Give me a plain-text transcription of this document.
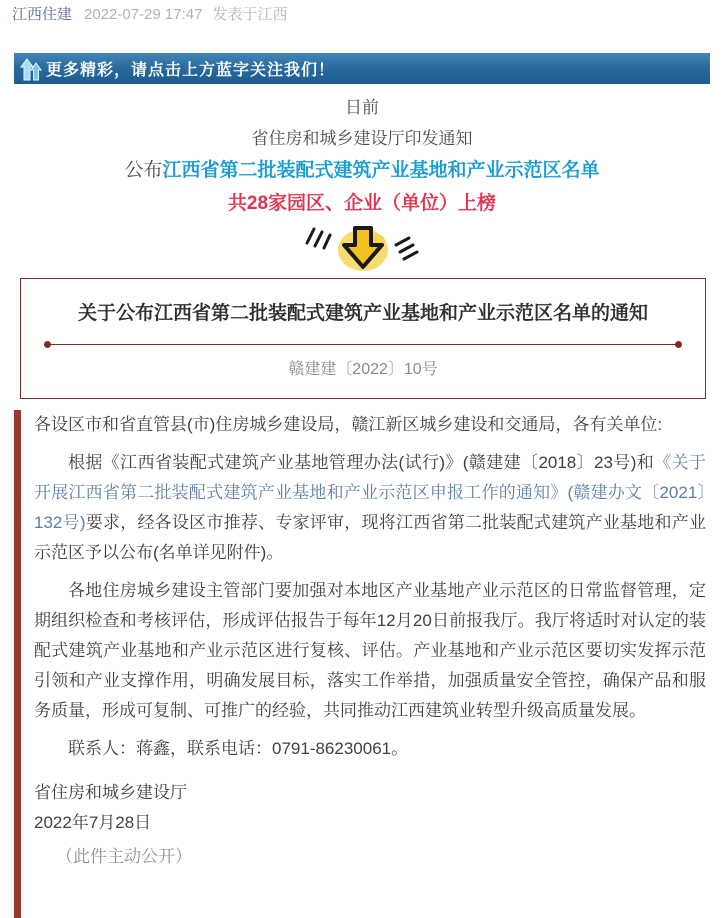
江西住建 2022-07-29 17:47 发表于江西
更多精彩，请点击上方蓝字关注我们！
日前
省住房和城乡建设厅印发通知
公布江西省第二批装配式建筑产业基地和产业示范区名单
共28家园区、企业（单位）上榜
关于公布江西省第二批装配式建筑产业基地和产业示范区名单的通知
赣建建〔2022〕10号

各设区市和省直管县(市)住房城乡建设局，赣江新区城乡建设和交通局，各有关单位:

根据《江西省装配式建筑产业基地管理办法(试行)》(赣建建〔2018〕23号)和《关于开展江西省第二批装配式建筑产业基地和产业示范区申报工作的通知》(赣建办文〔2021〕132号)要求，经各设区市推荐、专家评审，现将江西省第二批装配式建筑产业基地和产业示范区予以公布(名单详见附件)。

各地住房城乡建设主管部门要加强对本地区产业基地产业示范区的日常监督管理，定期组织检查和考核评估，形成评估报告于每年12月20日前报我厅。我厅将适时对认定的装配式建筑产业基地和产业示范区进行复核、评估。产业基地和产业示范区要切实发挥示范引领和产业支撑作用，明确发展目标，落实工作举措，加强质量安全管控，确保产品和服务质量，形成可复制、可推广的经验，共同推动江西建筑业转型升级高质量发展。

联系人：蒋鑫，联系电话：0791-86230061。

省住房和城乡建设厅

2022年7月28日

（此件主动公开）
